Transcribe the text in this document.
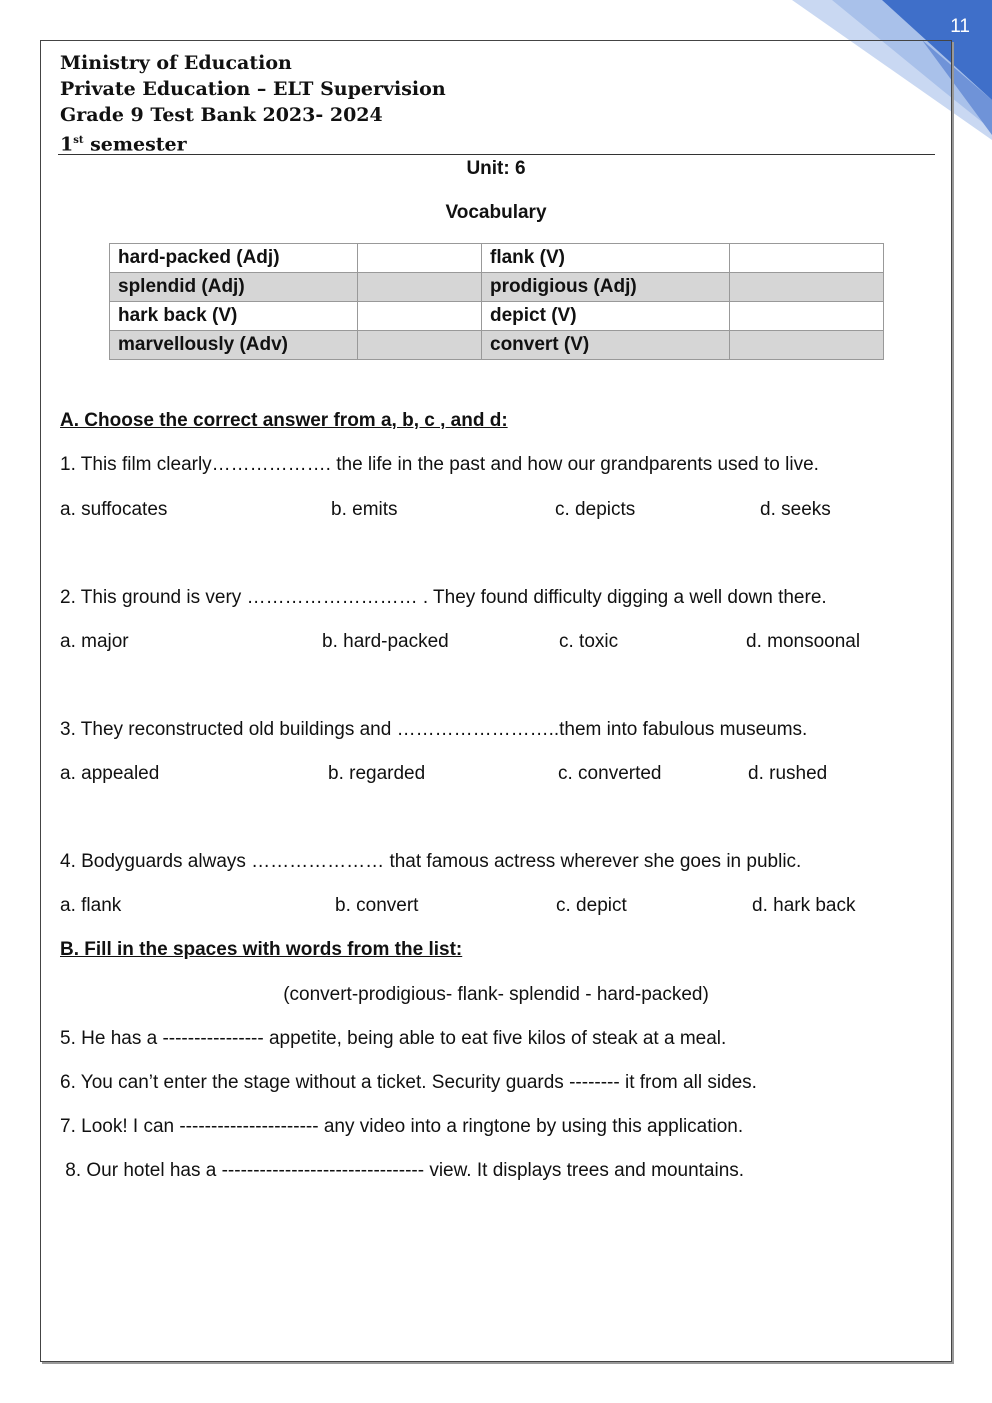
11
Ministry of Education
Private Education – ELT Supervision
Grade 9 Test Bank 2023- 2024
1st semester
Unit: 6
Vocabulary
hard-packed (Adj)		flank (V)	
splendid (Adj)		prodigious (Adj)	
hark back (V)		depict (V)	
marvellously (Adv)		convert (V)	
A. Choose the correct answer from a, b, c , and d:
1. This film clearly………………. the life in the past and how our grandparents used to live.
a. suffocates	b. emits	c. depicts	d. seeks
2. This ground is very ……………………… . They found difficulty digging a well down there.
a. major	b. hard-packed	c. toxic	d. monsoonal
3. They reconstructed old buildings and ……………………..them into fabulous museums.
a. appealed	b. regarded	c. converted	d. rushed
4. Bodyguards always ………………… that famous actress wherever she goes in public.
a. flank	b. convert	c. depict	d. hark back
B. Fill in the spaces with words from the list:
(convert-prodigious- flank- splendid - hard-packed)
5. He has a ---------------- appetite, being able to eat five kilos of steak at a meal.
6. You can’t enter the stage without a ticket. Security guards -------- it from all sides.
7. Look! I can ---------------------- any video into a ringtone by using this application.
8. Our hotel has a -------------------------------- view. It displays trees and mountains.
